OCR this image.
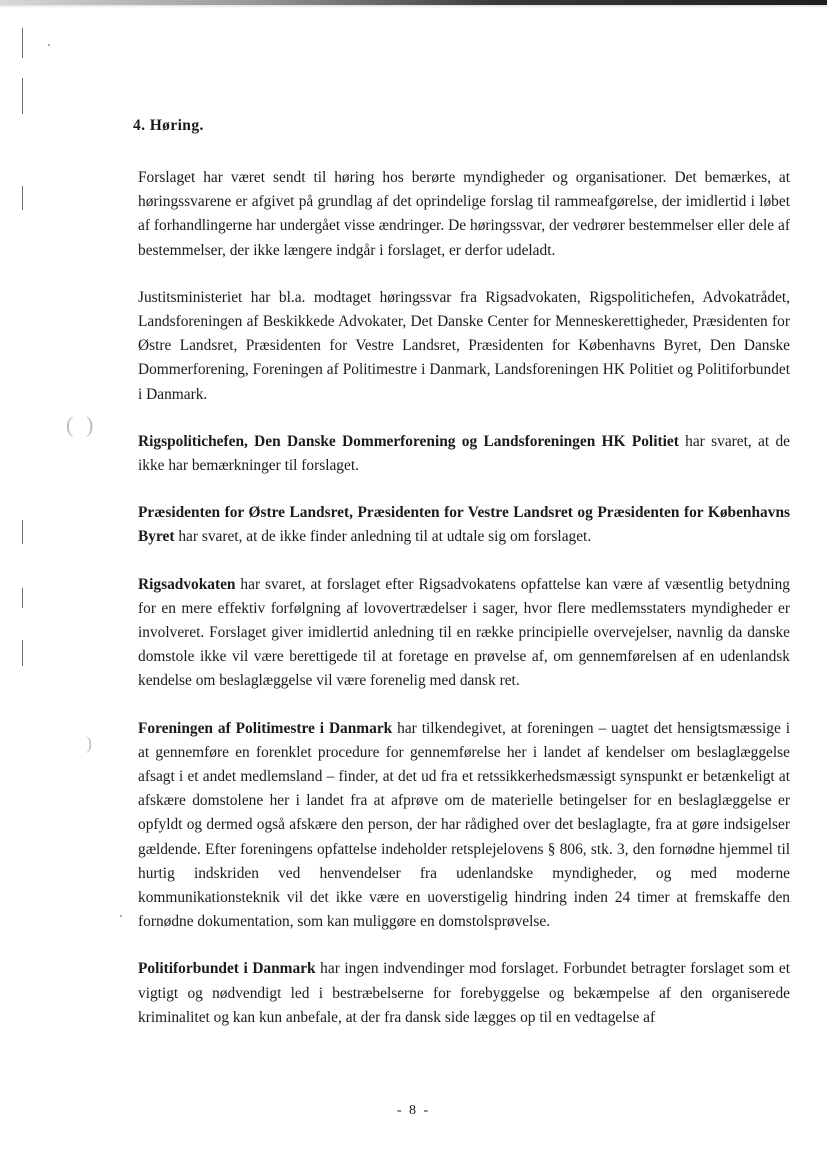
( )
)
4. Høring.

Forslaget har været sendt til høring hos berørte myndigheder og organisationer. Det bemærkes, at høringssvarene er afgivet på grundlag af det oprindelige forslag til rammeafgørelse, der imidlertid i løbet af forhandlingerne har undergået visse ændringer. De høringssvar, der vedrører bestemmelser eller dele af bestemmelser, der ikke længere indgår i forslaget, er derfor udeladt.

Justitsministeriet har bl.a. modtaget høringssvar fra Rigsadvokaten, Rigspolitichefen, Advokatrådet, Landsforeningen af Beskikkede Advokater, Det Danske Center for Menneskerettigheder, Præsidenten for Østre Landsret, Præsidenten for Vestre Landsret, Præsidenten for Københavns Byret, Den Danske Dommerforening, Foreningen af Politimestre i Danmark, Landsforeningen HK Politiet og Politiforbundet i Danmark.

Rigspolitichefen, Den Danske Dommerforening og Landsforeningen HK Politiet har svaret, at de ikke har bemærkninger til forslaget.

Præsidenten for Østre Landsret, Præsidenten for Vestre Landsret og Præsidenten for Københavns Byret har svaret, at de ikke finder anledning til at udtale sig om forslaget.

Rigsadvokaten har svaret, at forslaget efter Rigsadvokatens opfattelse kan være af væsentlig betydning for en mere effektiv forfølgning af lovovertrædelser i sager, hvor flere medlemsstaters myndigheder er involveret. Forslaget giver imidlertid anledning til en række principielle overvejelser, navnlig da danske domstole ikke vil være berettigede til at foretage en prøvelse af, om gennemførelsen af en udenlandsk kendelse om beslaglæggelse vil være forenelig med dansk ret.

Foreningen af Politimestre i Danmark har tilkendegivet, at foreningen – uagtet det hensigtsmæssige i at gennemføre en forenklet procedure for gennemførelse her i landet af kendelser om beslaglæggelse afsagt i et andet medlemsland – finder, at det ud fra et retssikkerhedsmæssigt synspunkt er betænkeligt at afskære domstolene her i landet fra at afprøve om de materielle betingelser for en beslaglæggelse er opfyldt og dermed også afskære den person, der har rådighed over det beslaglagte, fra at gøre indsigelser gældende. Efter foreningens opfattelse indeholder retsplejelovens § 806, stk. 3, den fornødne hjemmel til hurtig indskriden ved henvendelser fra udenlandske myndigheder, og med moderne kommunikationsteknik vil det ikke være en uoverstigelig hindring inden 24 timer at fremskaffe den fornødne dokumentation, som kan muliggøre en domstolsprøvelse.

Politiforbundet i Danmark har ingen indvendinger mod forslaget. Forbundet betragter forslaget som et vigtigt og nødvendigt led i bestræbelserne for forebyggelse og bekæmpelse af den organiserede kriminalitet og kan kun anbefale, at der fra dansk side lægges op til en vedtagelse af

- 8 -
